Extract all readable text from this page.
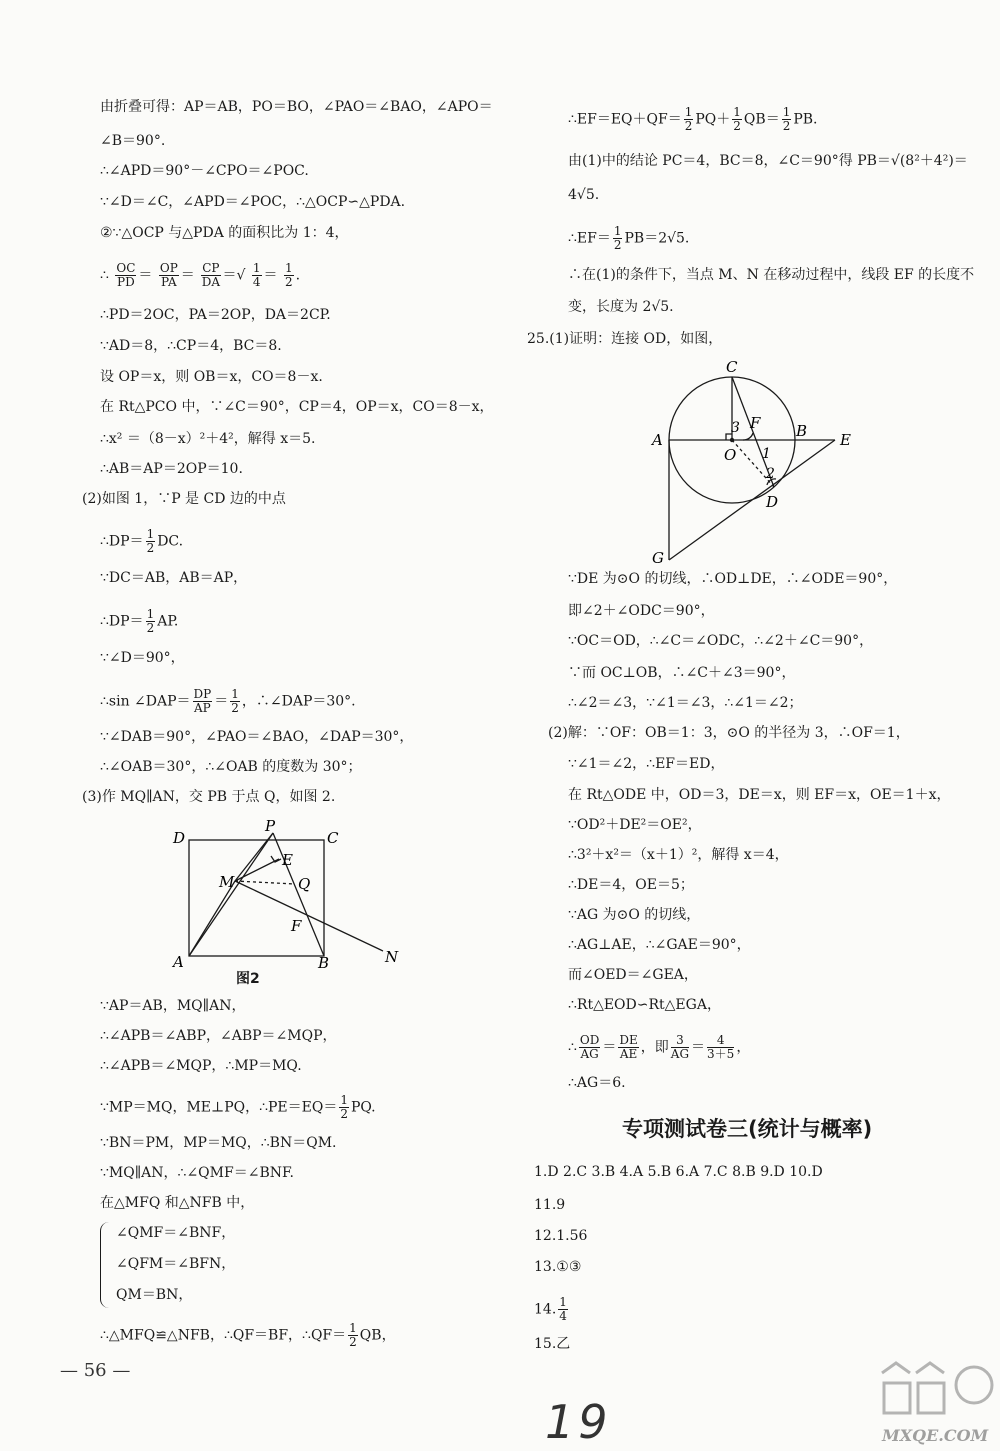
由折叠可得：AP＝AB，PO＝BO，∠PAO＝∠BAO，∠APO＝
∠B＝90°.
∴∠APD＝90°－∠CPO＝∠POC.
∵∠D＝∠C，∠APD＝∠POC，∴△OCP∽△PDA.
②∵△OCP 与△PDA 的面积比为 1：4，
∴ $\frac{OC}{PD} = \frac{OP}{PA} = \frac{CP}{DA}$ ＝√ $\frac{1}{4} = \frac{1}{2}$ .
∴PD＝2OC，PA＝2OP，DA＝2CP.
∵AD＝8，∴CP＝4，BC＝8.
设 OP＝x，则 OB＝x，CO＝8－x.
在 Rt△PCO 中，∵∠C＝90°，CP＝4，OP＝x，CO＝8－x，
∴x² ＝（8－x）²＋4²，解得 x＝5.
∴AB＝AP＝2OP＝10.
(2)如图 1，∵P 是 CD 边的中点
∴DP＝ $\frac{1}{2}$ DC.
∵DC＝AB，AB＝AP，
∴DP＝ $\frac{1}{2}$ AP.
∵∠D＝90°，
∴sin ∠DAP＝ $\frac{DP}{AP} = \frac{1}{2}$ ，∴∠DAP＝30°.
∵∠DAB＝90°，∠PAO＝∠BAO，∠DAP＝30°，
∴∠OAB＝30°，∴∠OAB 的度数为 30°；
(3)作 MQ∥AN，交 PB 于点 Q，如图 2.
D
P
C
E
M	Q
F
A	B	N
图2
∵AP＝AB，MQ∥AN，
∴∠APB＝∠ABP，∠ABP＝∠MQP，
∴∠APB＝∠MQP，∴MP＝MQ.
∵MP＝MQ，ME⊥PQ，∴PE＝EQ＝ $\frac{1}{2}$ PQ.
∵BN＝PM，MP＝MQ，∴BN＝QM.
∵MQ∥AN，∴∠QMF＝∠BNF.
在△MFQ 和△NFB 中，
∠QMF＝∠BNF，
∠QFM＝∠BFN，
QM＝BN，
∴△MFQ≌△NFB，∴QF＝BF，∴QF＝ $\frac{1}{2}$ QB，
∴EF＝EQ＋QF＝ $\frac{1}{2} PQ+ \frac{1}{2} QB= \frac{1}{2}$ PB.
由(1)中的结论 PC＝4，BC＝8，∠C＝90°得 PB＝√(8²＋4²)＝
4√5.
∴EF＝ $\frac{1}{2} PB=2√5$.
∴在(1)的条件下，当点 M、N 在移动过程中，线段 EF 的长度不
变，长度为 2√5.
25.(1)证明：连接 OD，如图，
C
F
3
A
O 1
B E
2
D
G
∵DE 为⊙O 的切线，∴OD⊥DE，∴∠ODE＝90°，
即∠2＋∠ODC＝90°，
∵OC＝OD，∴∠C＝∠ODC，∴∠2＋∠C＝90°，
∵而 OC⊥OB，∴∠C＋∠3＝90°，
∴∠2＝∠3，∵∠1＝∠3，∴∠1＝∠2；
(2)解：∵OF：OB＝1：3，⊙O 的半径为 3，∴OF＝1，
∵∠1＝∠2，∴EF＝ED，
在 Rt△ODE 中，OD＝3，DE＝x，则 EF＝x，OE＝1＋x，
∵OD²＋DE²＝OE²，
∴3²＋x²＝（x＋1）²，解得 x＝4，
∴DE＝4，OE＝5；
∵AG 为⊙O 的切线，
∴AG⊥AE，∴∠GAE＝90°，
而∠OED＝∠GEA，
∴Rt△EOD∽Rt△EGA，
∴ $\frac{OD}{AG} = \frac{DE}{AE}$ ，即 $\frac{3}{AG} = \frac{4}{3+5}$ ，
∴AG＝6.
专项测试卷三(统计与概率)
1.D 2.C 3.B 4.A 5.B 6.A 7.C 8.B 9.D 10.D
11.9
12.1.56
13.①③
14. $\frac{1}{4}$
15.乙
— 56 —
19	MXQE.COM
